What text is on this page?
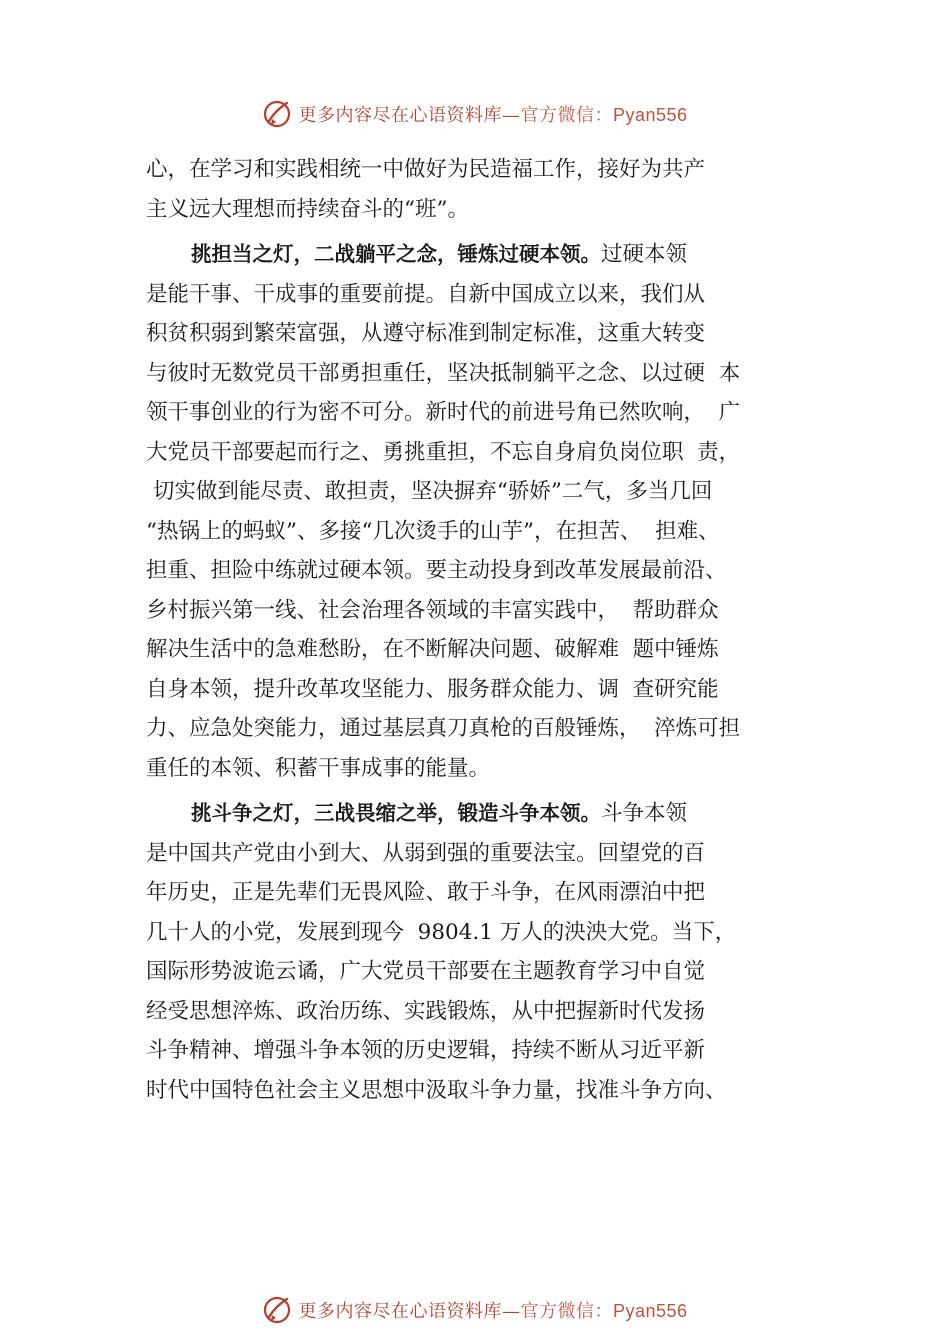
更多内容尽在心语资料库—官方微信：Pyan556
心，在学习和实践相统一中做好为民造福工作，接好为共产
主义远大理想而持续奋斗的“班”。
挑担当之灯，二战躺平之念，锤炼过硬本领。过硬本领
是能干事、干成事的重要前提。自新中国成立以来，我们从
积贫积弱到繁荣富强，从遵守标准到制定标准，这重大转变
与彼时无数党员干部勇担重任，坚决抵制躺平之念、以过硬  本
领干事创业的行为密不可分。新时代的前进号角已然吹响，  广
大党员干部要起而行之、勇挑重担，不忘自身肩负岗位职  责，
切实做到能尽责、敢担责，坚决摒弃“骄娇”二气，多当几回
“热锅上的蚂蚁”、多接“几次烫手的山芋”，在担苦、  担难、
担重、担险中练就过硬本领。要主动投身到改革发展最前沿、
乡村振兴第一线、社会治理各领域的丰富实践中，  帮助群众
解决生活中的急难愁盼，在不断解决问题、破解难  题中锤炼
自身本领，提升改革攻坚能力、服务群众能力、调  查研究能
力、应急处突能力，通过基层真刀真枪的百般锤炼，  淬炼可担
重任的本领、积蓄干事成事的能量。
挑斗争之灯，三战畏缩之举，锻造斗争本领。斗争本领
是中国共产党由小到大、从弱到强的重要法宝。回望党的百
年历史，正是先辈们无畏风险、敢于斗争，在风雨漂泊中把
几十人的小党，发展到现今  9804.1 万人的泱泱大党。当下，
国际形势波诡云谲，广大党员干部要在主题教育学习中自觉
经受思想淬炼、政治历练、实践锻炼，从中把握新时代发扬
斗争精神、增强斗争本领的历史逻辑，持续不断从习近平新
时代中国特色社会主义思想中汲取斗争力量，找准斗争方向、
更多内容尽在心语资料库—官方微信：Pyan556
